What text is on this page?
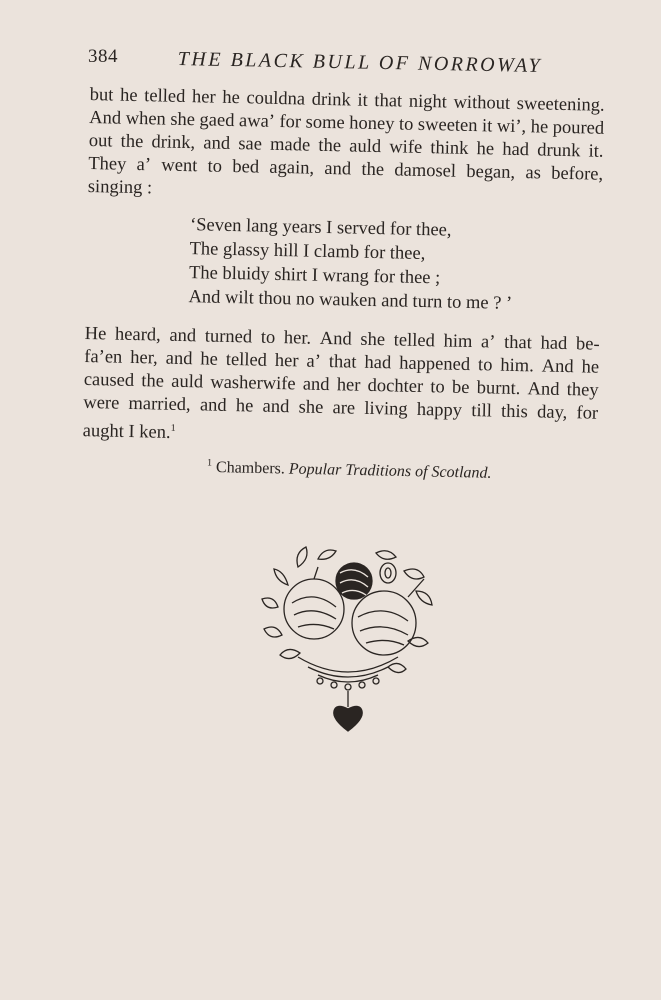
384	THE BLACK BULL OF NORROWAY

but he telled her he couldna drink it that night without sweetening.
And when she gaed awa’ for some honey to sweeten it wi’, he poured
out the drink, and sae made the auld wife think he had drunk it.
They a’ went to bed again, and the damosel began, as before,
singing :

‘Seven lang years I served for thee,
The glassy hill I clamb for thee,
The bluidy shirt I wrang for thee ;
And wilt thou no wauken and turn to me ? ’

He heard, and turned to her. And she telled him a’ that had be-
fa’en her, and he telled her a’ that had happened to him. And he
caused the auld washerwife and her dochter to be burnt. And they
were married, and he and she are living happy till this day, for
aught I ken.$^1$

$^1$ Chambers. Popular Traditions of Scotland.
